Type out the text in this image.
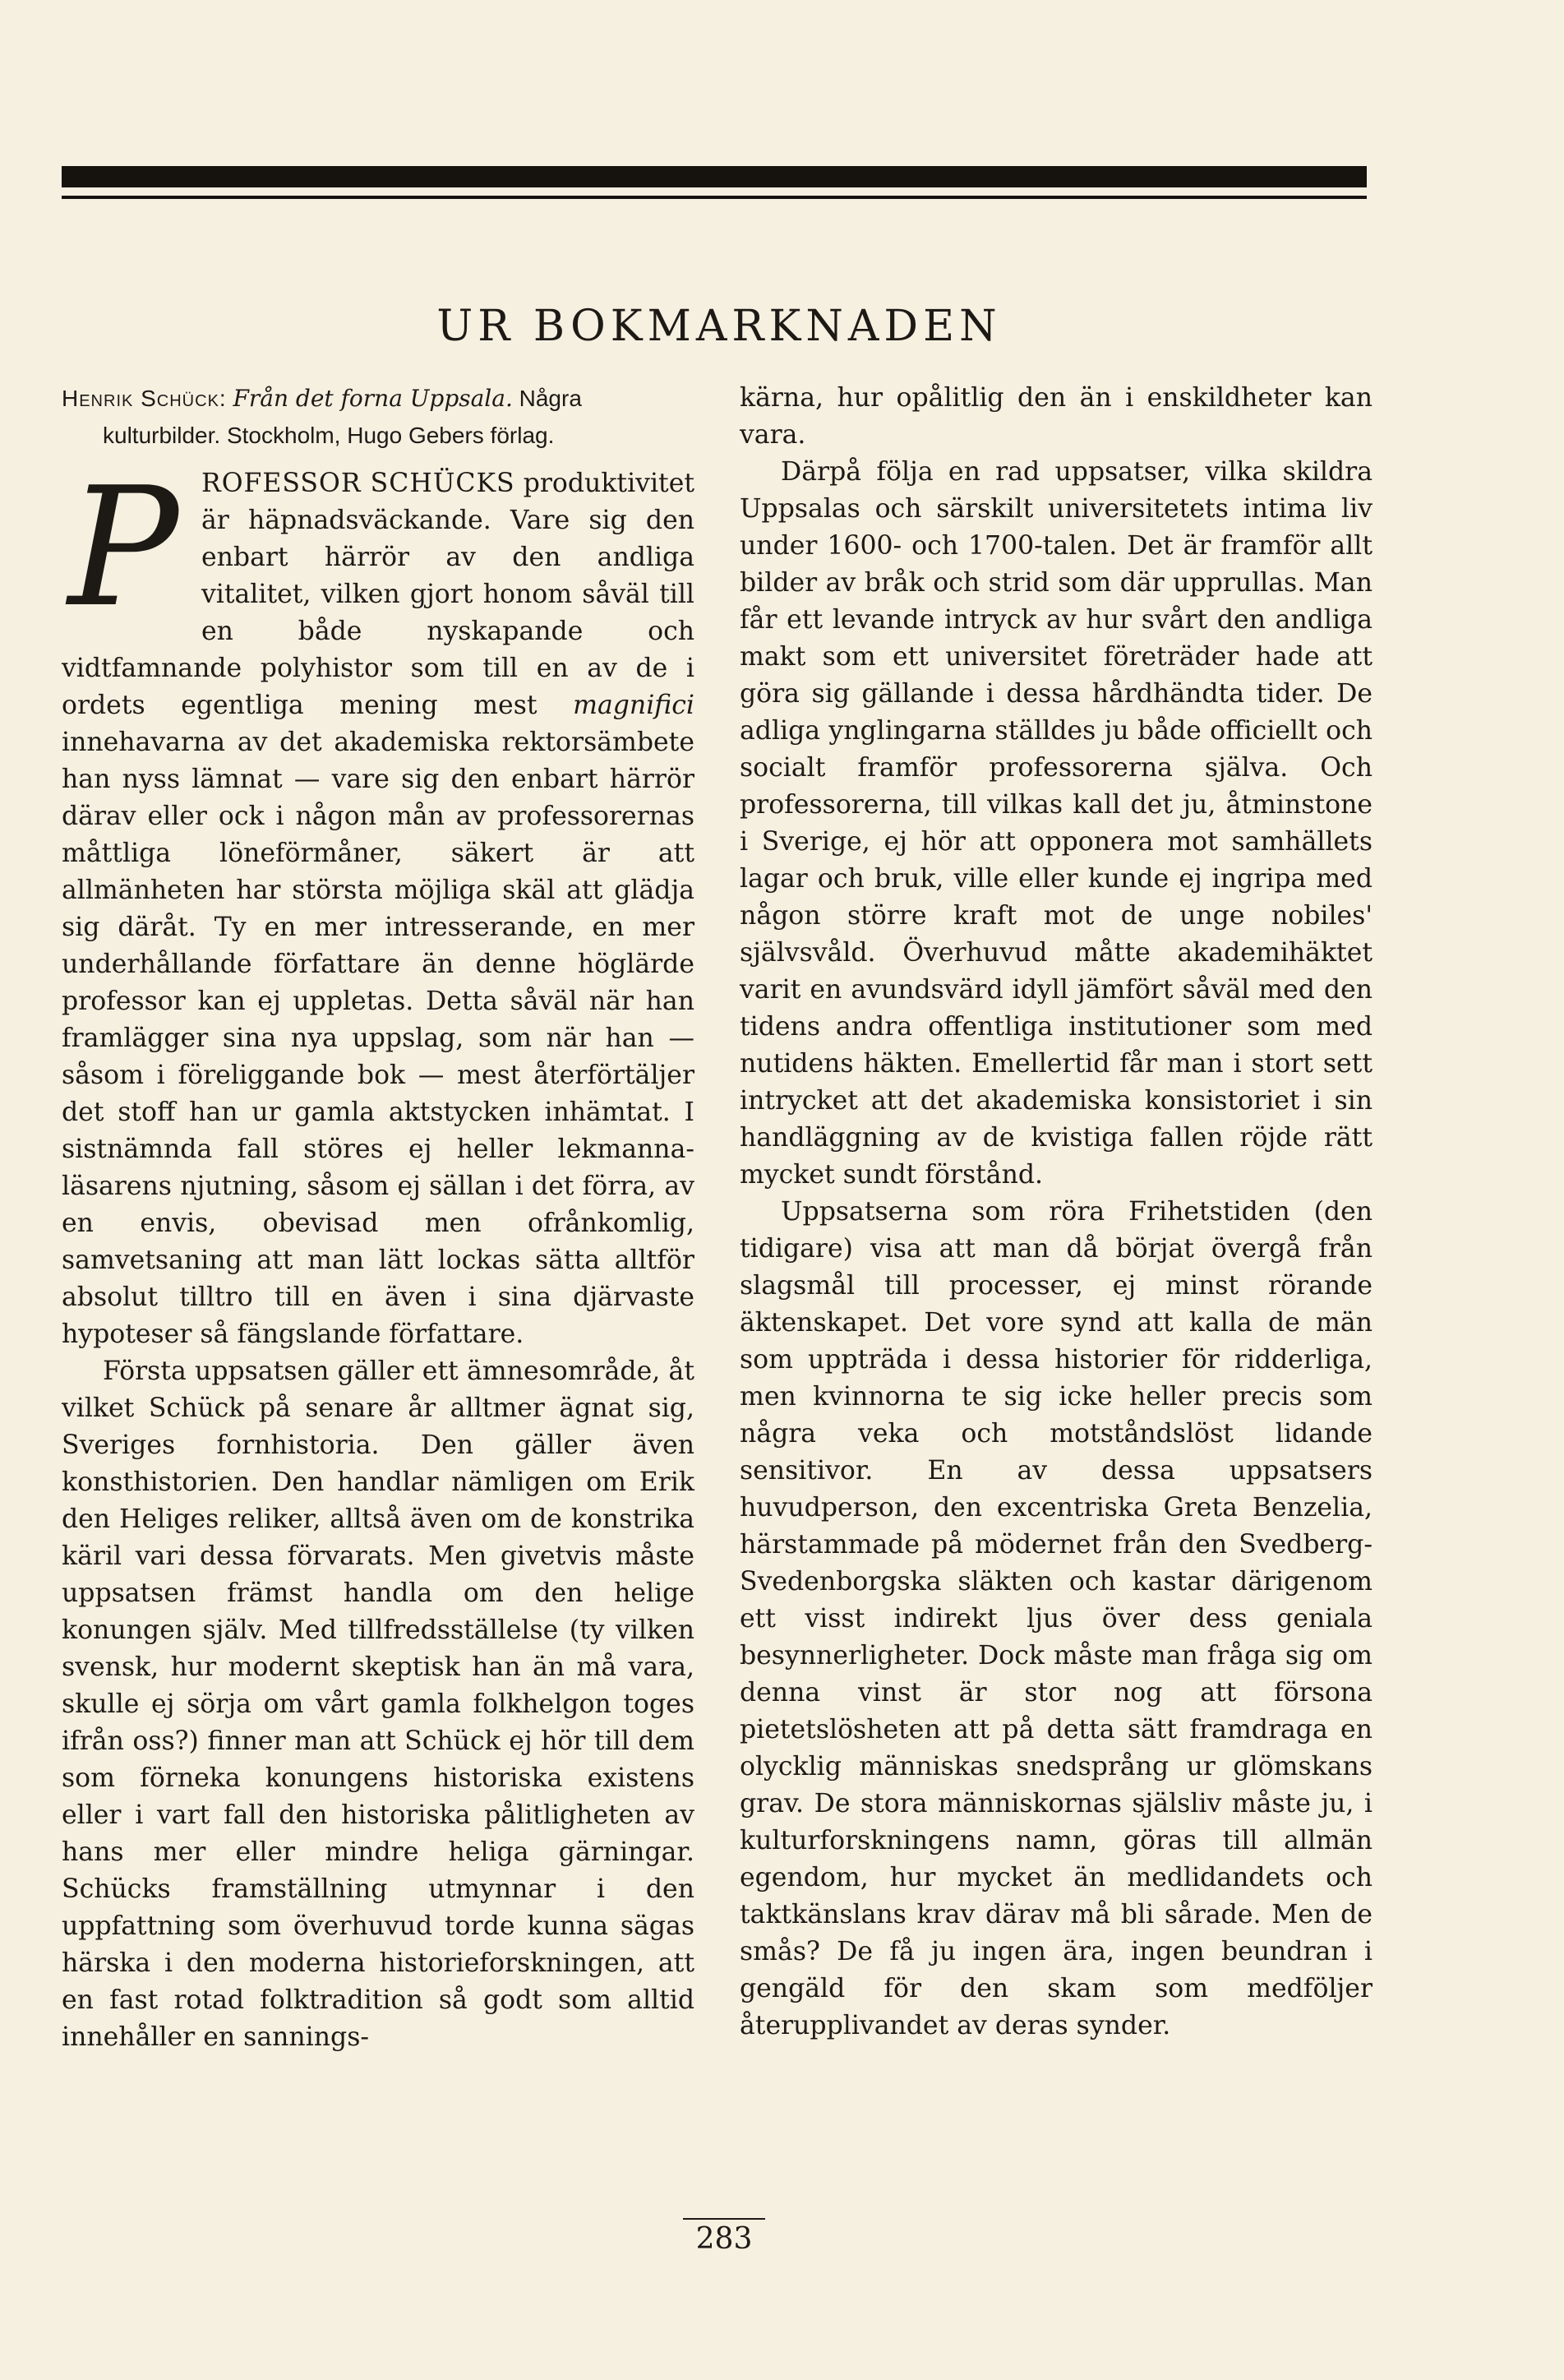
UR BOKMARKNADEN

Henrik Schück: Från det forna Uppsala. Några kulturbilder. Stockholm, Hugo Gebers förlag.

PROFESSOR SCHÜCKS produktivitet är häpnadsväckande. Vare sig den enbart härrör av den andliga vitalitet, vilken gjort honom såväl till en både nyskapande och vidtfamnande polyhistor som till en av de i ordets egentliga mening mest magnifici innehavarna av det akademiska rektorsämbete han nyss lämnat — vare sig den enbart härrör därav eller ock i någon mån av professorernas måttliga löneförmåner, säkert är att allmänheten har största möjliga skäl att glädja sig däråt. Ty en mer intresserande, en mer underhållande författare än denne höglärde professor kan ej uppletas. Detta såväl när han framlägger sina nya uppslag, som när han — såsom i föreliggande bok — mest återförtäljer det stoff han ur gamla aktstycken inhämtat. I sistnämnda fall störes ej heller lekmanna-läsarens njutning, såsom ej sällan i det förra, av en envis, obevisad men ofrånkomlig, samvetsaning att man lätt lockas sätta alltför absolut tilltro till en även i sina djärvaste hypoteser så fängslande författare.

Första uppsatsen gäller ett ämnesområde, åt vilket Schück på senare år alltmer ägnat sig, Sveriges fornhistoria. Den gäller även konsthistorien. Den handlar nämligen om Erik den Heliges reliker, alltså även om de konstrika käril vari dessa förvarats. Men givetvis måste uppsatsen främst handla om den helige konungen själv. Med tillfredsställelse (ty vilken svensk, hur modernt skeptisk han än må vara, skulle ej sörja om vårt gamla folkhelgon toges ifrån oss?) finner man att Schück ej hör till dem som förneka konungens historiska existens eller i vart fall den historiska pålitligheten av hans mer eller mindre heliga gärningar. Schücks framställning utmynnar i den uppfattning som överhuvud torde kunna sägas härska i den moderna historieforskningen, att en fast rotad folktradition så godt som alltid innehåller en sannings-

kärna, hur opålitlig den än i enskildheter kan vara.

Därpå följa en rad uppsatser, vilka skildra Uppsalas och särskilt universitetets intima liv under 1600- och 1700-talen. Det är framför allt bilder av bråk och strid som där upprullas. Man får ett levande intryck av hur svårt den andliga makt som ett universitet företräder hade att göra sig gällande i dessa hårdhändta tider. De adliga ynglingarna ställdes ju både officiellt och socialt framför professorerna själva. Och professorerna, till vilkas kall det ju, åtminstone i Sverige, ej hör att opponera mot samhällets lagar och bruk, ville eller kunde ej ingripa med någon större kraft mot de unge nobiles' självsvåld. Överhuvud måtte akademihäktet varit en avundsvärd idyll jämfört såväl med den tidens andra offentliga institutioner som med nutidens häkten. Emellertid får man i stort sett intrycket att det akademiska konsistoriet i sin handläggning av de kvistiga fallen röjde rätt mycket sundt förstånd.

Uppsatserna som röra Frihetstiden (den tidigare) visa att man då börjat övergå från slagsmål till processer, ej minst rörande äktenskapet. Det vore synd att kalla de män som uppträda i dessa historier för ridderliga, men kvinnorna te sig icke heller precis som några veka och motståndslöst lidande sensitivor. En av dessa uppsatsers huvudperson, den excentriska Greta Benzelia, härstammade på mödernet från den Svedberg-Svedenborgska släkten och kastar därigenom ett visst indirekt ljus över dess geniala besynnerligheter. Dock måste man fråga sig om denna vinst är stor nog att försona pietetslösheten att på detta sätt framdraga en olycklig människas snedsprång ur glömskans grav. De stora människornas själsliv måste ju, i kulturforskningens namn, göras till allmän egendom, hur mycket än medlidandets och taktkänslans krav därav må bli sårade. Men de smås? De få ju ingen ära, ingen beundran i gengäld för den skam som medföljer återupplivandet av deras synder.

283
